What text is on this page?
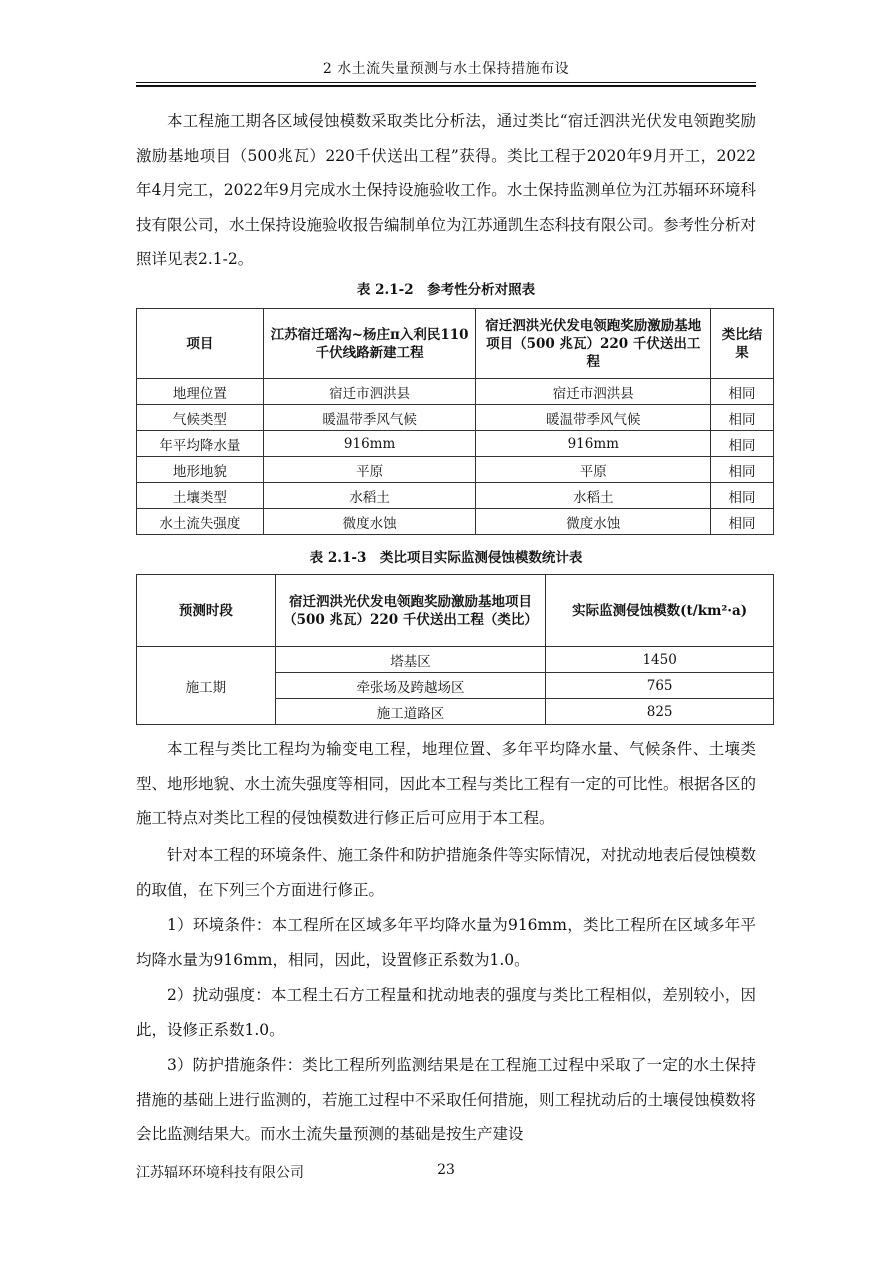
2 水土流失量预测与水土保持措施布设

本工程施工期各区域侵蚀模数采取类比分析法，通过类比“宿迁泗洪光伏发电领跑奖励激励基地项目（500兆瓦）220千伏送出工程”获得。类比工程于2020年9月开工，2022年4月完工，2022年9月完成水土保持设施验收工作。水土保持监测单位为江苏辐环环境科技有限公司，水土保持设施验收报告编制单位为江苏通凯生态科技有限公司。参考性分析对照详见表2.1-2。

表 2.1-2　参考性分析对照表
项目	江苏宿迁瑶沟~杨庄π入利民110 千伏线路新建工程	宿迁泗洪光伏发电领跑奖励激励基地项目（500 兆瓦）220 千伏送出工程	类比结果
地理位置	宿迁市泗洪县	宿迁市泗洪县	相同
气候类型	暖温带季风气候	暖温带季风气候	相同
年平均降水量	916mm	916mm	相同
地形地貌	平原	平原	相同
土壤类型	水稻土	水稻土	相同
水土流失强度	微度水蚀	微度水蚀	相同
表 2.1-3　类比项目实际监测侵蚀模数统计表
预测时段	宿迁泗洪光伏发电领跑奖励激励基地项目（500 兆瓦）220 千伏送出工程（类比）	实际监测侵蚀模数(t/km²·a)
施工期	塔基区	1450
	牵张场及跨越场区	765
	施工道路区	825

本工程与类比工程均为输变电工程，地理位置、多年平均降水量、气候条件、土壤类型、地形地貌、水土流失强度等相同，因此本工程与类比工程有一定的可比性。根据各区的施工特点对类比工程的侵蚀模数进行修正后可应用于本工程。

针对本工程的环境条件、施工条件和防护措施条件等实际情况，对扰动地表后侵蚀模数的取值，在下列三个方面进行修正。

1）环境条件：本工程所在区域多年平均降水量为916mm，类比工程所在区域多年平均降水量为916mm，相同，因此，设置修正系数为1.0。

2）扰动强度：本工程土石方工程量和扰动地表的强度与类比工程相似，差别较小，因此，设修正系数1.0。

3）防护措施条件：类比工程所列监测结果是在工程施工过程中采取了一定的水土保持措施的基础上进行监测的，若施工过程中不采取任何措施，则工程扰动后的土壤侵蚀模数将会比监测结果大。而水土流失量预测的基础是按生产建设

江苏辐环环境科技有限公司	23
